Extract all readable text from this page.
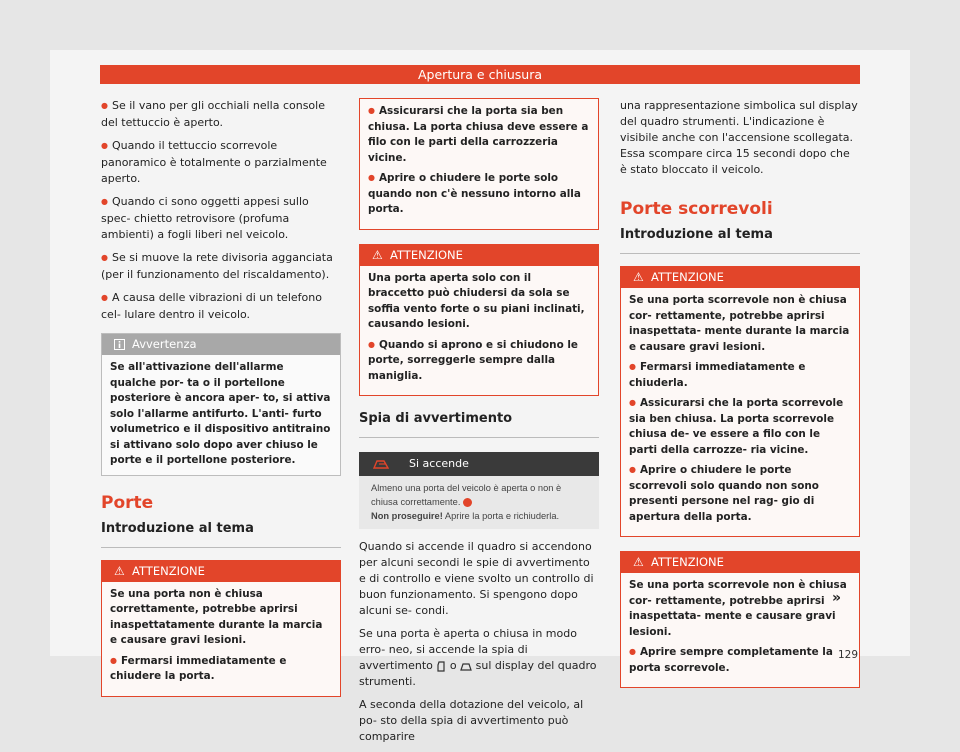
Apertura e chiusura

● Se il vano per gli occhiali nella console del tettuccio è aperto.

● Quando il tettuccio scorrevole panoramico è totalmente o parzialmente aperto.

● Quando ci sono oggetti appesi sullo spec- chietto retrovisore (profuma ambienti) a fogli liberi nel veicolo.

● Se si muove la rete divisoria agganciata (per il funzionamento del riscaldamento).

● A causa delle vibrazioni di un telefono cel- lulare dentro il veicolo.

Avvertenza
Se all'attivazione dell'allarme qualche por- ta o il portellone posteriore è ancora aper- to, si attiva solo l'allarme antifurto. L'anti- furto volumetrico e il dispositivo antitraino si attivano solo dopo aver chiuso le porte e il portellone posteriore.
Porte
Introduzione al tema
⚠ ATTENZIONE

Se una porta non è chiusa correttamente, potrebbe aprirsi inaspettatamente durante la marcia e causare gravi lesioni.

● Fermarsi immediatamente e chiudere la porta.

● Assicurarsi che la porta sia ben chiusa. La porta chiusa deve essere a filo con le parti della carrozzeria vicine.

● Aprire o chiudere le porte solo quando non c'è nessuno intorno alla porta.

⚠ ATTENZIONE

Una porta aperta solo con il braccetto può chiudersi da sola se soffia vento forte o su piani inclinati, causando lesioni.

● Quando si aprono e si chiudono le porte, sorreggerle sempre dalla maniglia.

Spia di avvertimento
Si accende
Almeno una porta del veicolo è aperta o non è chiusa correttamente.
Non proseguire! Aprire la porta e richiuderla.

Quando si accende il quadro si accendono per alcuni secondi le spie di avvertimento e di controllo e viene svolto un controllo di buon funzionamento. Si spengono dopo alcuni se- condi.

Se una porta è aperta o chiusa in modo erro- neo, si accende la spia di avvertimento o sul display del quadro strumenti.

A seconda della dotazione del veicolo, al po- sto della spia di avvertimento può comparire

una rappresentazione simbolica sul display del quadro strumenti. L'indicazione è visibile anche con l'accensione scollegata. Essa scompare circa 15 secondi dopo che è stato bloccato il veicolo.

Porte scorrevoli
Introduzione al tema
⚠ ATTENZIONE

Se una porta scorrevole non è chiusa cor- rettamente, potrebbe aprirsi inaspettata- mente durante la marcia e causare gravi lesioni.

● Fermarsi immediatamente e chiuderla.

● Assicurarsi che la porta scorrevole sia ben chiusa. La porta scorrevole chiusa de- ve essere a filo con le parti della carrozze- ria vicine.

● Aprire o chiudere le porte scorrevoli solo quando non sono presenti persone nel rag- gio di apertura della porta.

⚠ ATTENZIONE

Se una porta scorrevole non è chiusa cor- rettamente, potrebbe aprirsi inaspettata- mente e causare gravi lesioni.

● Aprire sempre completamente la porta scorrevole.

»
129
